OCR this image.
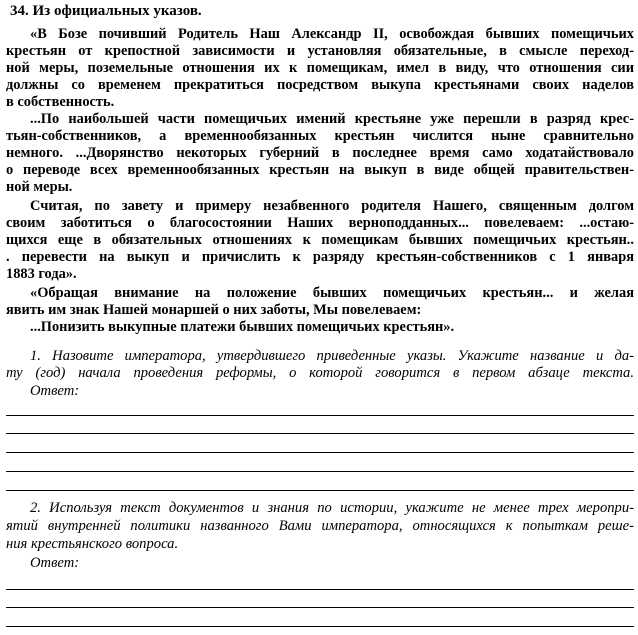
34. Из официальных указов.
«В Бозе почивший Родитель Наш Александр II, освобождая бывших помещичьих
крестьян от крепостной зависимости и установляя обязательные, в смысле переход-
ной меры, поземельные отношения их к помещикам, имел в виду, что отношения сии
должны со временем прекратиться посредством выкупа крестьянами своих наделов
в собственность.
...По наибольшей части помещичьих имений крестьяне уже перешли в разряд крес-
тьян-собственников, а временнообязанных крестьян числится ныне сравнительно
немного. ...Дворянство некоторых губерний в последнее время само ходатайствовало
о переводе всех временнообязанных крестьян на выкуп в виде общей правительствен-
ной меры.
Считая, по завету и примеру незабвенного родителя Нашего, священным долгом
своим заботиться о благосостоянии Наших верноподданных... повелеваем: ...остаю-
щихся еще в обязательных отношениях к помещикам бывших помещичьих крестьян..
. перевести на выкуп и причислить к разряду крестьян-собственников с 1 января
1883 года».
«Обращая внимание на положение бывших помещичьих крестьян... и желая
явить им знак Нашей монаршей о них заботы, Мы повелеваем:
...Понизить выкупные платежи бывших помещичьих крестьян».
1. Назовите императора, утвердившего приведенные указы. Укажите название и да-
ту (год) начала проведения реформы, о которой говорится в первом абзаце текста.
Ответ:
2. Используя текст документов и знания по истории, укажите не менее трех меропри-
ятий внутренней политики названного Вами императора, относящихся к попыткам реше-
ния крестьянского вопроса.
Ответ:
